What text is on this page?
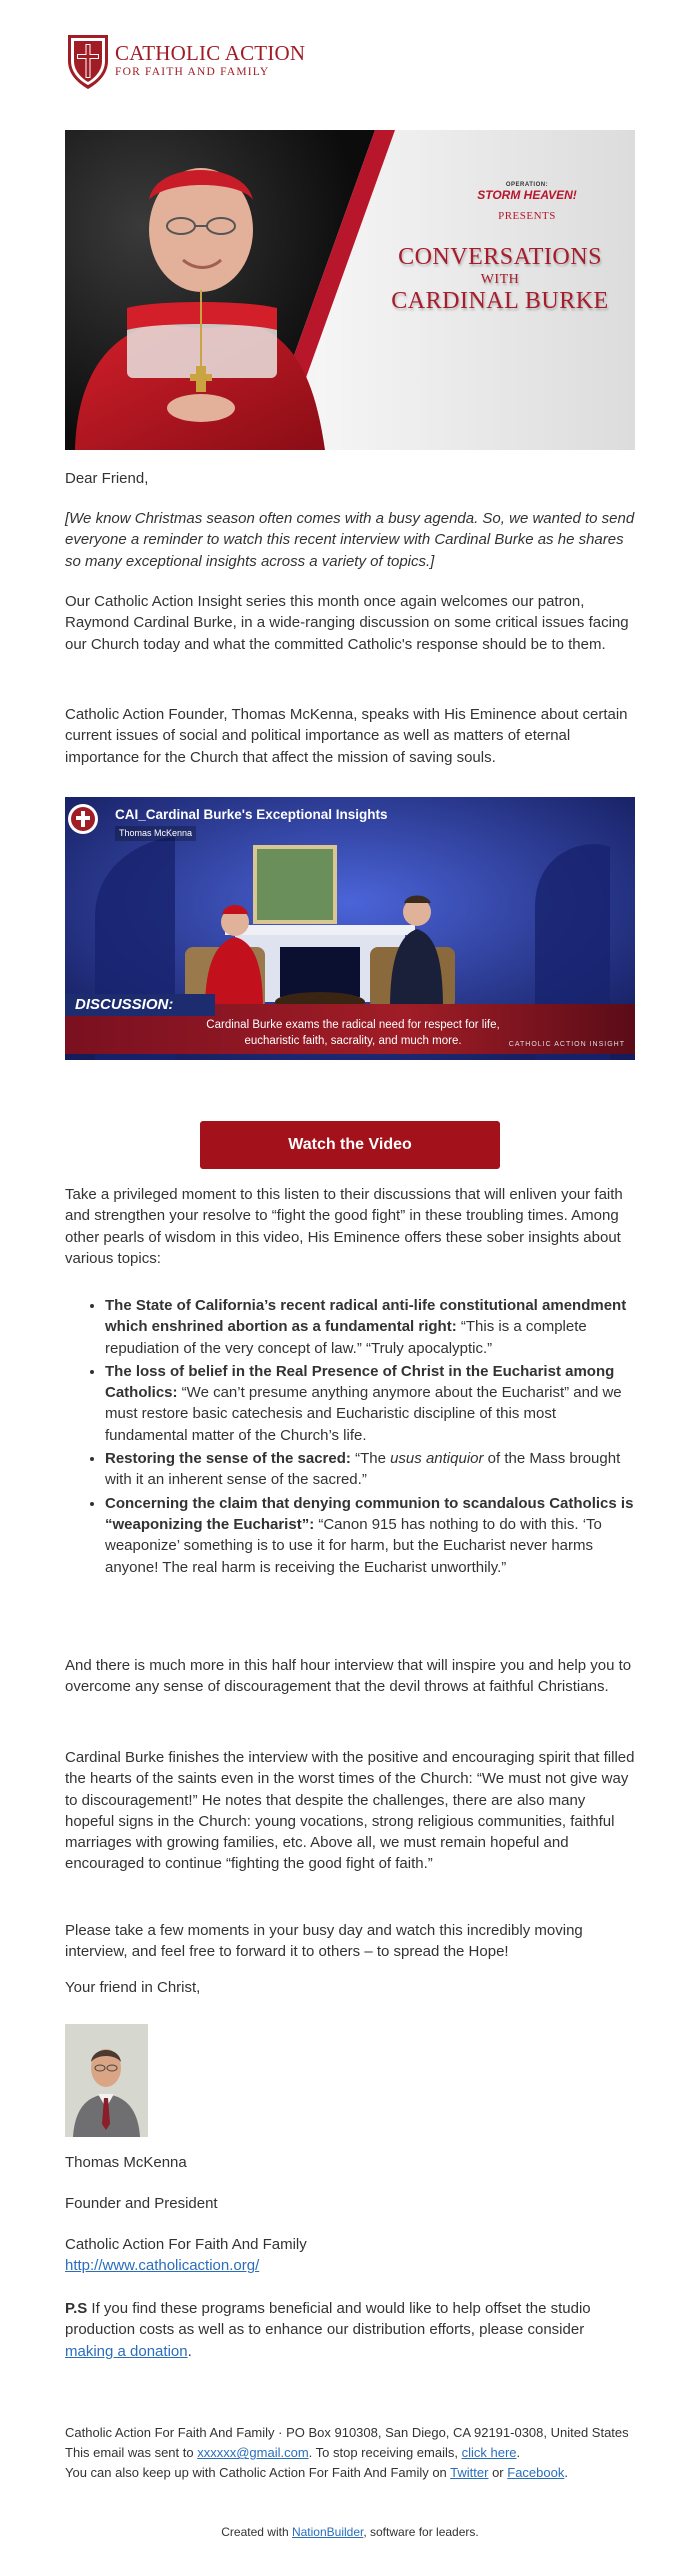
CATHOLIC ACTION
FOR FAITH AND FAMILY
OPERATION:
STORM HEAVEN!
PRESENTS
CONVERSATIONS
WITH
CARDINAL BURKE

Dear Friend,

[We know Christmas season often comes with a busy agenda. So, we wanted to send everyone a reminder to watch this recent interview with Cardinal Burke as he shares so many exceptional insights across a variety of topics.]

Our Catholic Action Insight series this month once again welcomes our patron, Raymond Cardinal Burke, in a wide-ranging discussion on some critical issues facing our Church today and what the committed Catholic's response should be to them.

Catholic Action Founder, Thomas McKenna, speaks with His Eminence about certain current issues of social and political importance as well as matters of eternal importance for the Church that affect the mission of saving souls.

CAI_Cardinal Burke's Exceptional Insights
Thomas McKenna
DISCUSSION:
Cardinal Burke exams the radical need for respect for life, eucharistic faith, sacrality, and much more.	CATHOLIC ACTION INSIGHT
Watch the Video

Take a privileged moment to this listen to their discussions that will enliven your faith and strengthen your resolve to “fight the good fight” in these troubling times. Among other pearls of wisdom in this video, His Eminence offers these sober insights about various topics:

• The State of California’s recent radical anti-life constitutional amendment which enshrined abortion as a fundamental right: “This is a complete repudiation of the very concept of law.” “Truly apocalyptic.”
• The loss of belief in the Real Presence of Christ in the Eucharist among Catholics: “We can’t presume anything anymore about the Eucharist” and we must restore basic catechesis and Eucharistic discipline of this most fundamental matter of the Church’s life.
• Restoring the sense of the sacred: “The usus antiquior of the Mass brought with it an inherent sense of the sacred.”
• Concerning the claim that denying communion to scandalous Catholics is “weaponizing the Eucharist”: “Canon 915 has nothing to do with this. ‘To weaponize’ something is to use it for harm, but the Eucharist never harms anyone! The real harm is receiving the Eucharist unworthily.”

And there is much more in this half hour interview that will inspire you and help you to overcome any sense of discouragement that the devil throws at faithful Christians.

Cardinal Burke finishes the interview with the positive and encouraging spirit that filled the hearts of the saints even in the worst times of the Church: “We must not give way to discouragement!” He notes that despite the challenges, there are also many hopeful signs in the Church: young vocations, strong religious communities, faithful marriages with growing families, etc. Above all, we must remain hopeful and encouraged to continue “fighting the good fight of faith.”

Please take a few moments in your busy day and watch this incredibly moving interview, and feel free to forward it to others – to spread the Hope!

Your friend in Christ,

Thomas McKenna

Founder and President

Catholic Action For Faith And Family

http://www.catholicaction.org/

P.S If you find these programs beneficial and would like to help offset the studio production costs as well as to enhance our distribution efforts, please consider making a donation.

Catholic Action For Faith And Family · PO Box 910308, San Diego, CA 92191-0308, United States

This email was sent to xxxxxx@gmail.com. To stop receiving emails, click here.

You can also keep up with Catholic Action For Faith And Family on Twitter or Facebook.

Created with NationBuilder, software for leaders.
